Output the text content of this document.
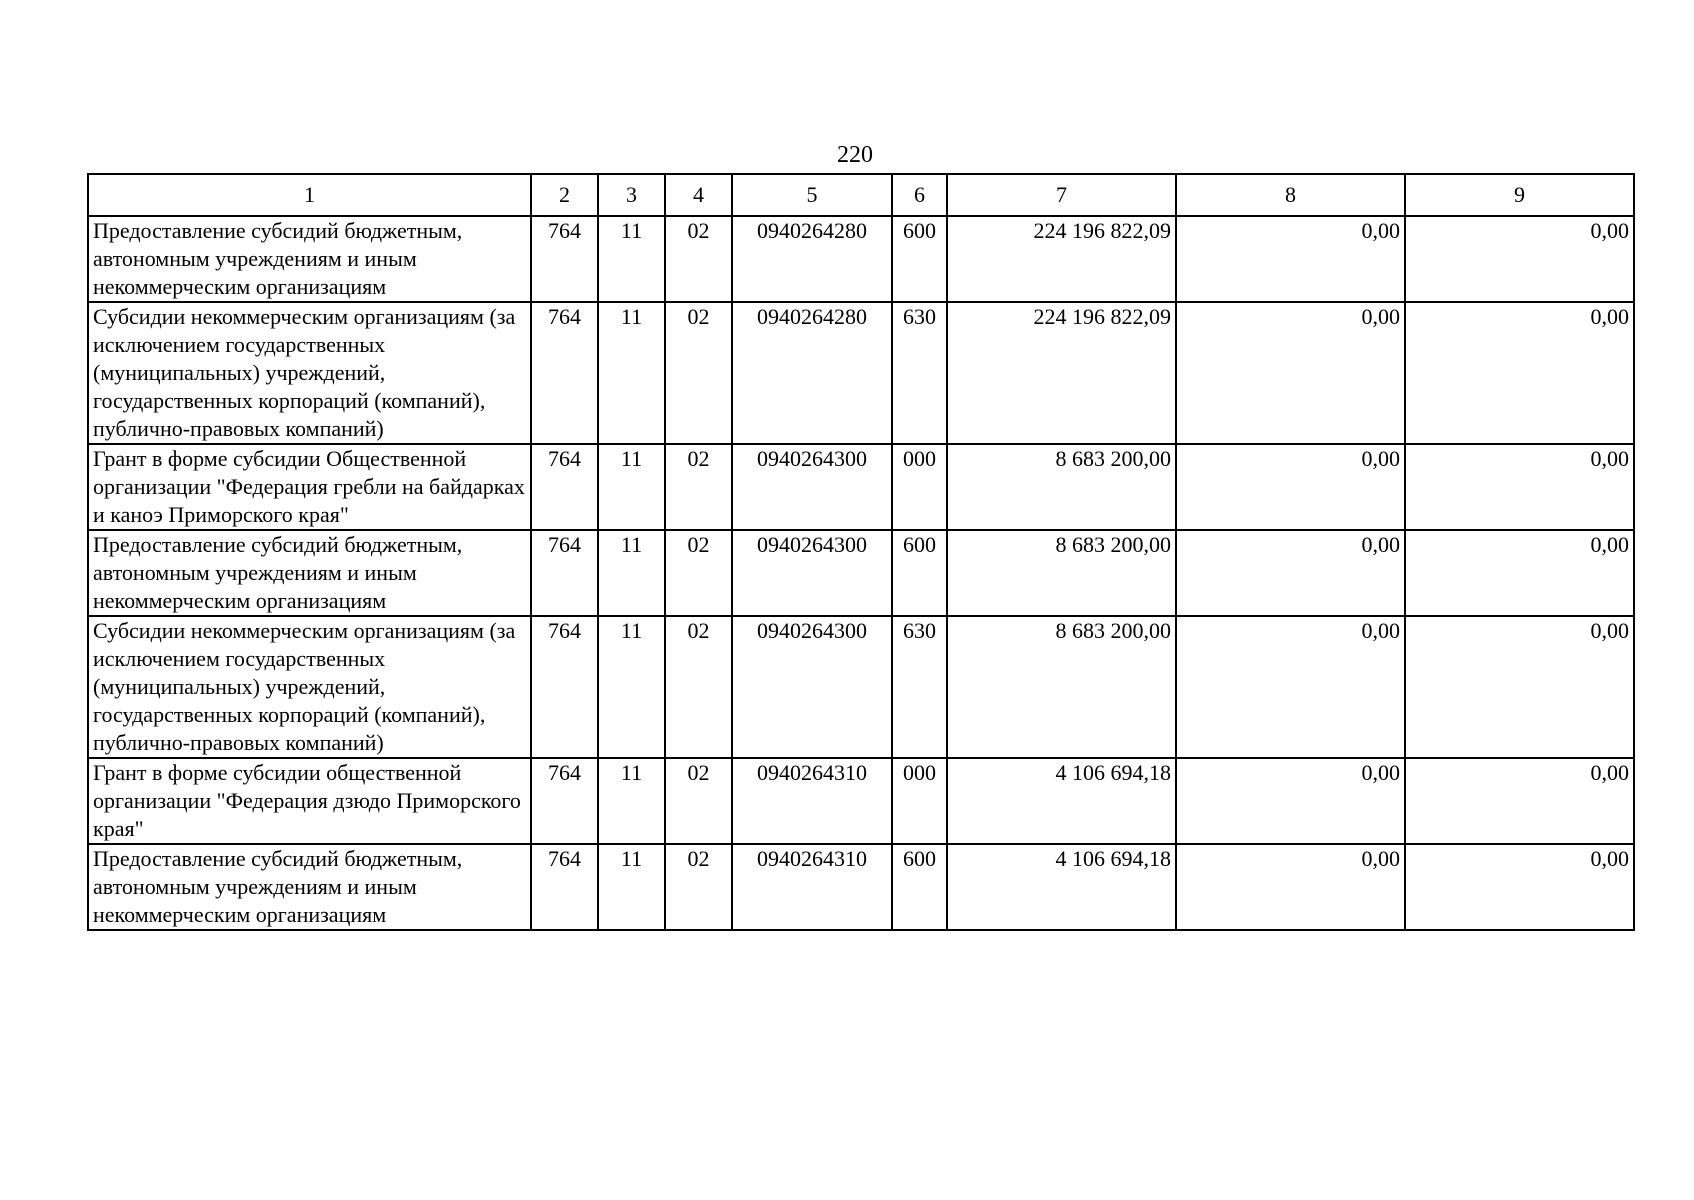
220
1	2	3	4	5	6	7	8	9
Предоставление субсидий бюджетным, автономным учреждениям и иным некоммерческим организациям	764	11	02	0940264280	600	224 196 822,09	0,00	0,00
Субсидии некоммерческим организациям (за исключением государственных (муниципальных) учреждений, государственных корпораций (компаний), публично-правовых компаний)	764	11	02	0940264280	630	224 196 822,09	0,00	0,00
Грант в форме субсидии Общественной организации "Федерация гребли на байдарках и каноэ Приморского края"	764	11	02	0940264300	000	8 683 200,00	0,00	0,00
Предоставление субсидий бюджетным, автономным учреждениям и иным некоммерческим организациям	764	11	02	0940264300	600	8 683 200,00	0,00	0,00
Субсидии некоммерческим организациям (за исключением государственных (муниципальных) учреждений, государственных корпораций (компаний), публично-правовых компаний)	764	11	02	0940264300	630	8 683 200,00	0,00	0,00
Грант в форме субсидии общественной организации "Федерация дзюдо Приморского края"	764	11	02	0940264310	000	4 106 694,18	0,00	0,00
Предоставление субсидий бюджетным, автономным учреждениям и иным некоммерческим организациям	764	11	02	0940264310	600	4 106 694,18	0,00	0,00
